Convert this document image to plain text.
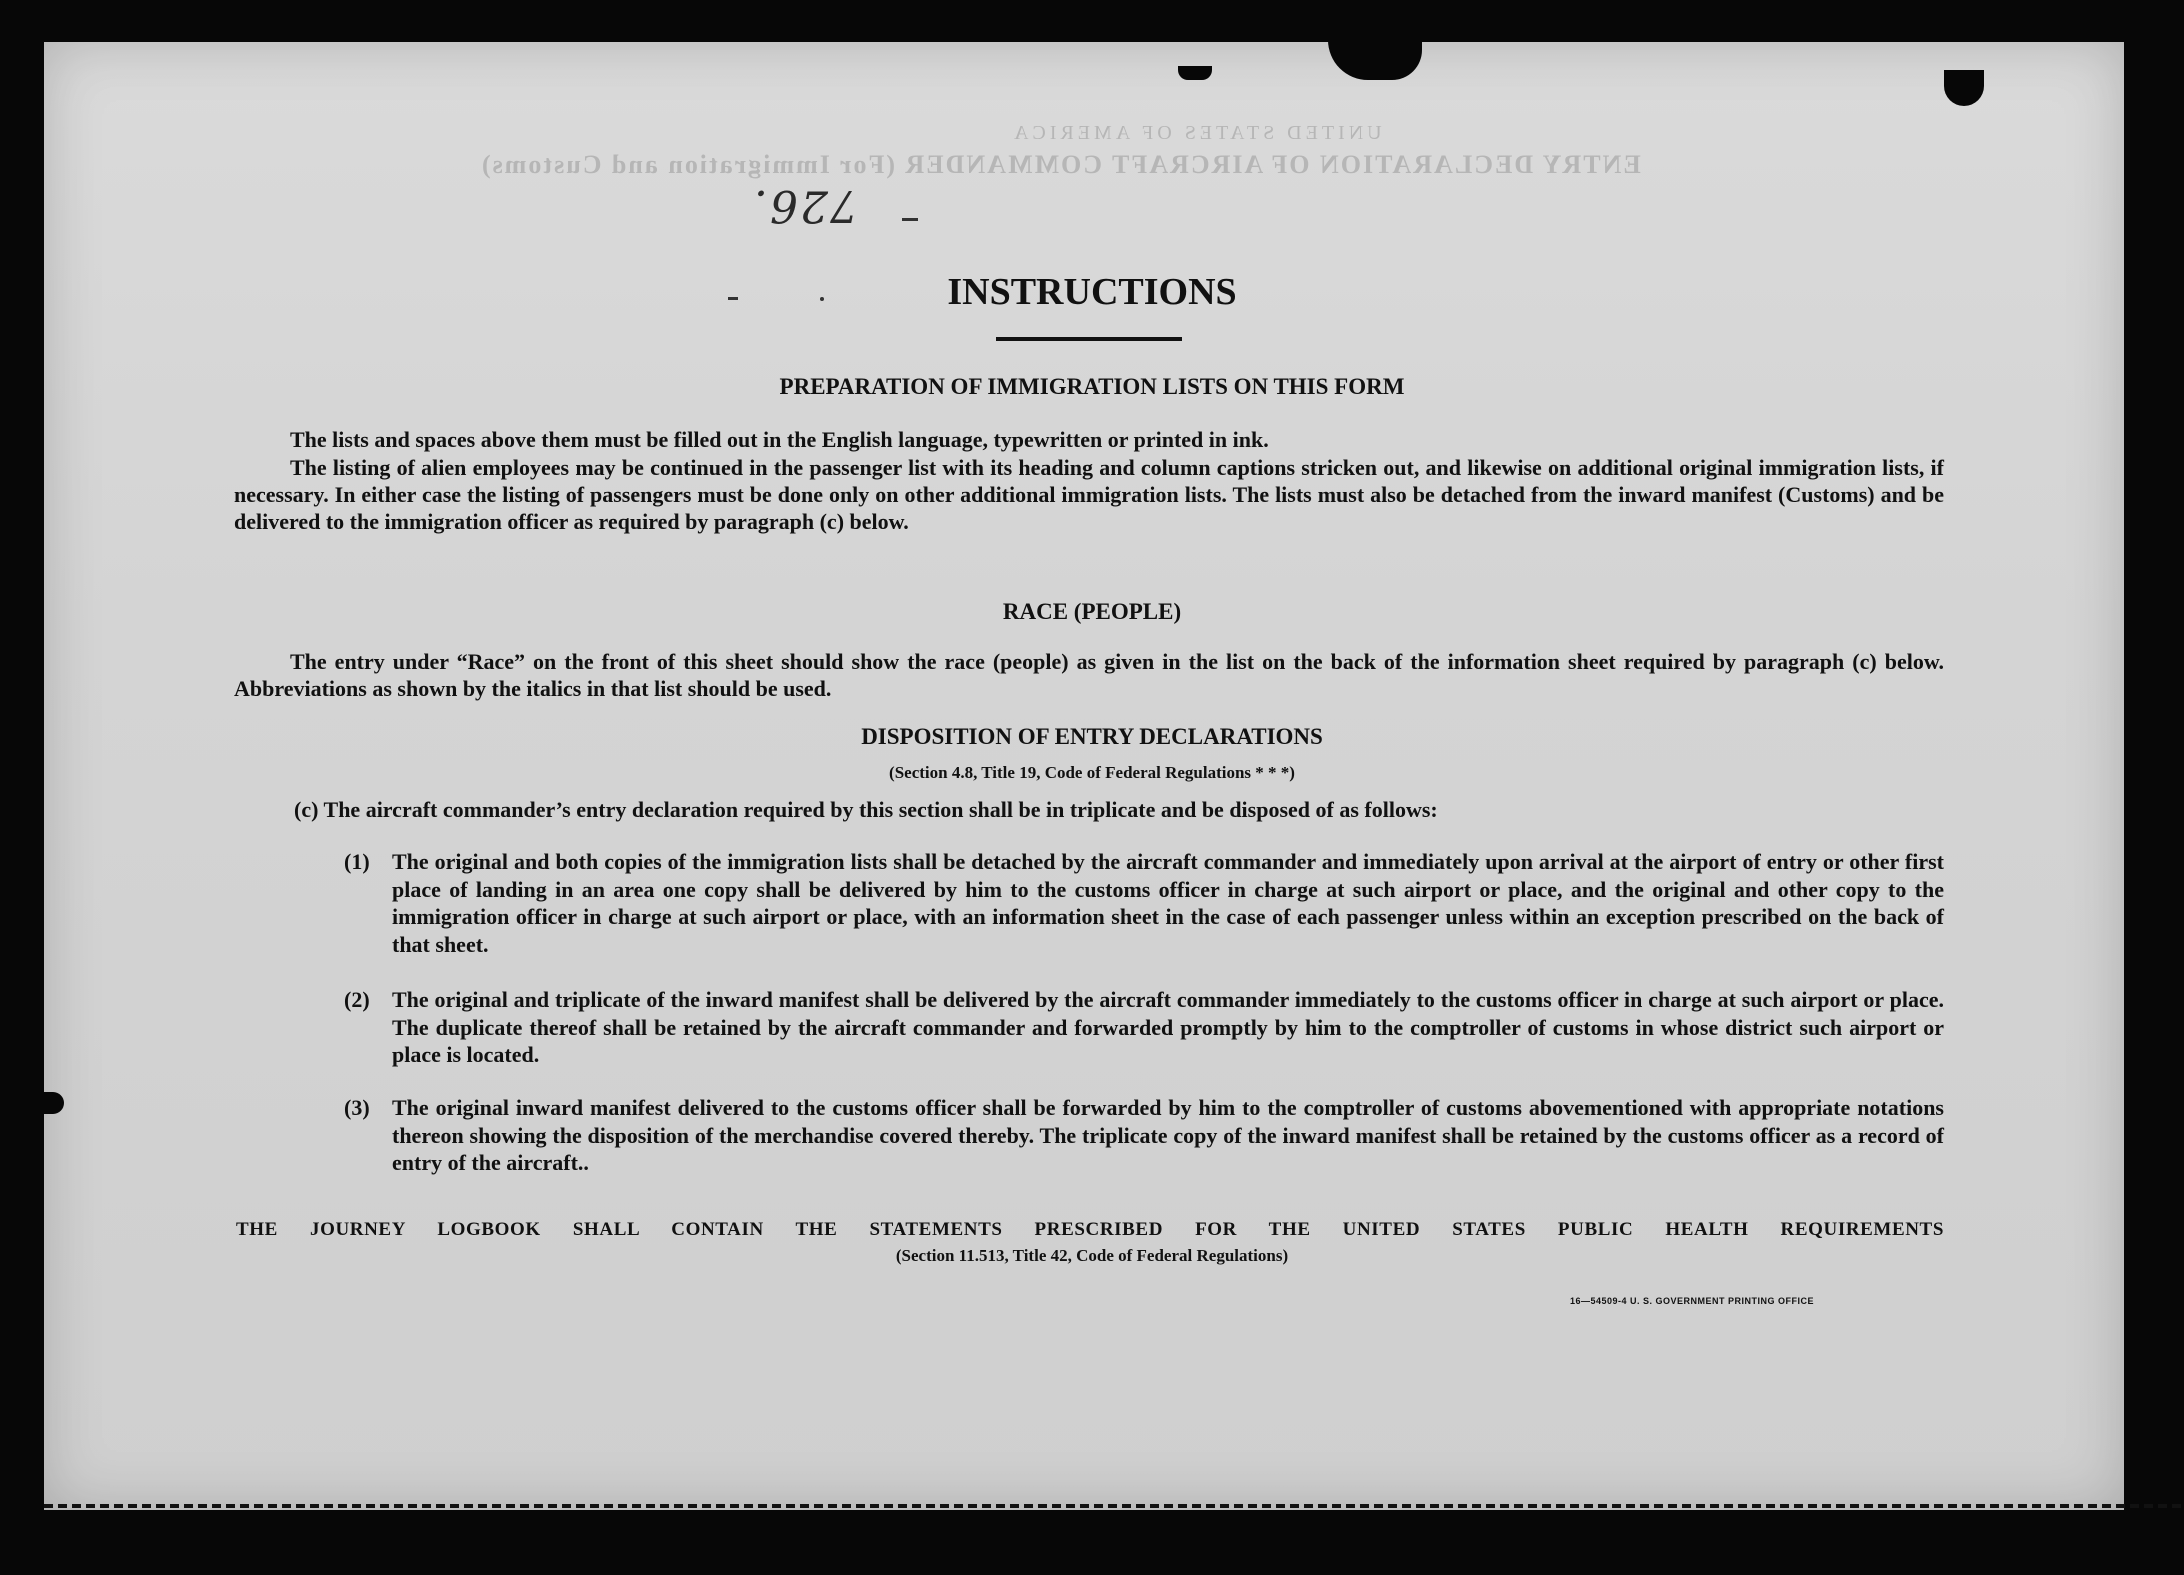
UNITED STATES OF AMERICA
ENTRY DECLARATION OF AIRCRAFT COMMANDER (For Immigration and Customs)
726.
INSTRUCTIONS
PREPARATION OF IMMIGRATION LISTS ON THIS FORM
The lists and spaces above them must be filled out in the English language, typewritten or printed in ink.
The listing of alien employees may be continued in the passenger list with its heading and column captions stricken out, and likewise on additional original immigration lists, if necessary. In either case the listing of passengers must be done only on other additional immigration lists. The lists must also be detached from the inward manifest (Customs) and be delivered to the immigration officer as required by paragraph (c) below.
RACE (PEOPLE)
The entry under “Race” on the front of this sheet should show the race (people) as given in the list on the back of the information sheet required by paragraph (c) below. Abbreviations as shown by the italics in that list should be used.
DISPOSITION OF ENTRY DECLARATIONS
(Section 4.8, Title 19, Code of Federal Regulations * * *)
(c) The aircraft commander’s entry declaration required by this section shall be in triplicate and be disposed of as follows:
(1)	The original and both copies of the immigration lists shall be detached by the aircraft commander and immediately upon arrival at the airport of entry or other first place of landing in an area one copy shall be delivered by him to the customs officer in charge at such airport or place, and the original and other copy to the immigration officer in charge at such airport or place, with an information sheet in the case of each passenger unless within an exception prescribed on the back of that sheet.
(2)	The original and triplicate of the inward manifest shall be delivered by the aircraft commander immediately to the customs officer in charge at such airport or place. The duplicate thereof shall be retained by the aircraft commander and forwarded promptly by him to the comptroller of customs in whose district such airport or place is located.
(3)	The original inward manifest delivered to the customs officer shall be forwarded by him to the comptroller of customs abovementioned with appropriate notations thereon showing the disposition of the merchandise covered thereby. The triplicate copy of the inward manifest shall be retained by the customs officer as a record of entry of the aircraft..
THE JOURNEY LOGBOOK SHALL CONTAIN THE STATEMENTS PRESCRIBED FOR THE UNITED STATES PUBLIC HEALTH REQUIREMENTS
(Section 11.513, Title 42, Code of Federal Regulations)
16—54509-4 U. S. GOVERNMENT PRINTING OFFICE
